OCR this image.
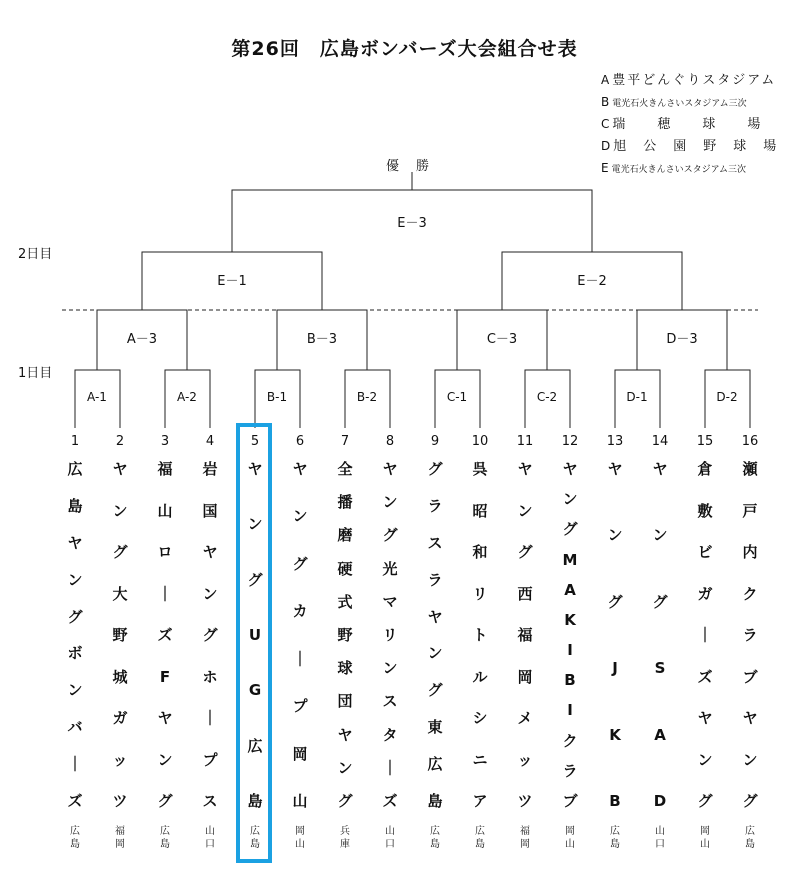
第26回　広島ボンバーズ大会組合せ表
A 豊平どんぐりスタジアム
B 電光石火きんさいスタジアム三次
C 瑞　　穂　　球　　場
D 旭　公　園　野　球　場
E 電光石火きんさいスタジアム三次
優　勝
2日目
1日目
E－3
E－1	E－2
A－3	B－3	C－3	D－3
A-1	A-2	B-1	B-2	C-1	C-2	D-1	D-2
1
広
島
ヤ
ン
グ
ボ
ン
バ
｜
ズ
広
島
2
ヤ
ン
グ
大
野
城
ガ
ッ
ツ
福
岡
3
福
山
ロ
｜
ズ
F
ヤ
ン
グ
広
島
4
岩
国
ヤ
ン
グ
ホ
｜
プ
ス
山
口
5
ヤ
ン
グ
U
G
広
島
広
島
6
ヤ
ン
グ
カ
｜
プ
岡
山
岡
山
7
全
播
磨
硬
式
野
球
団
ヤ
ン
グ
兵
庫
8
ヤ
ン
グ
光
マ
リ
ン
ス
タ
｜
ズ
山
口
9
グ
ラ
ス
ラ
ヤ
ン
グ
東
広
島
広
島
10
呉
昭
和
リ
ト
ル
シ
ニ
ア
広
島
11
ヤ
ン
グ
西
福
岡
メ
ッ
ツ
福
岡
12
ヤ
ン
グ
M
A
K
I
B
I
ク
ラ
ブ
岡
山
13
ヤ
ン
グ
J
K
B
広
島
14
ヤ
ン
グ
S
A
D
山
口
15
倉
敷
ビ
ガ
｜
ズ
ヤ
ン
グ
岡
山
16
瀬
戸
内
ク
ラ
ブ
ヤ
ン
グ
広
島
